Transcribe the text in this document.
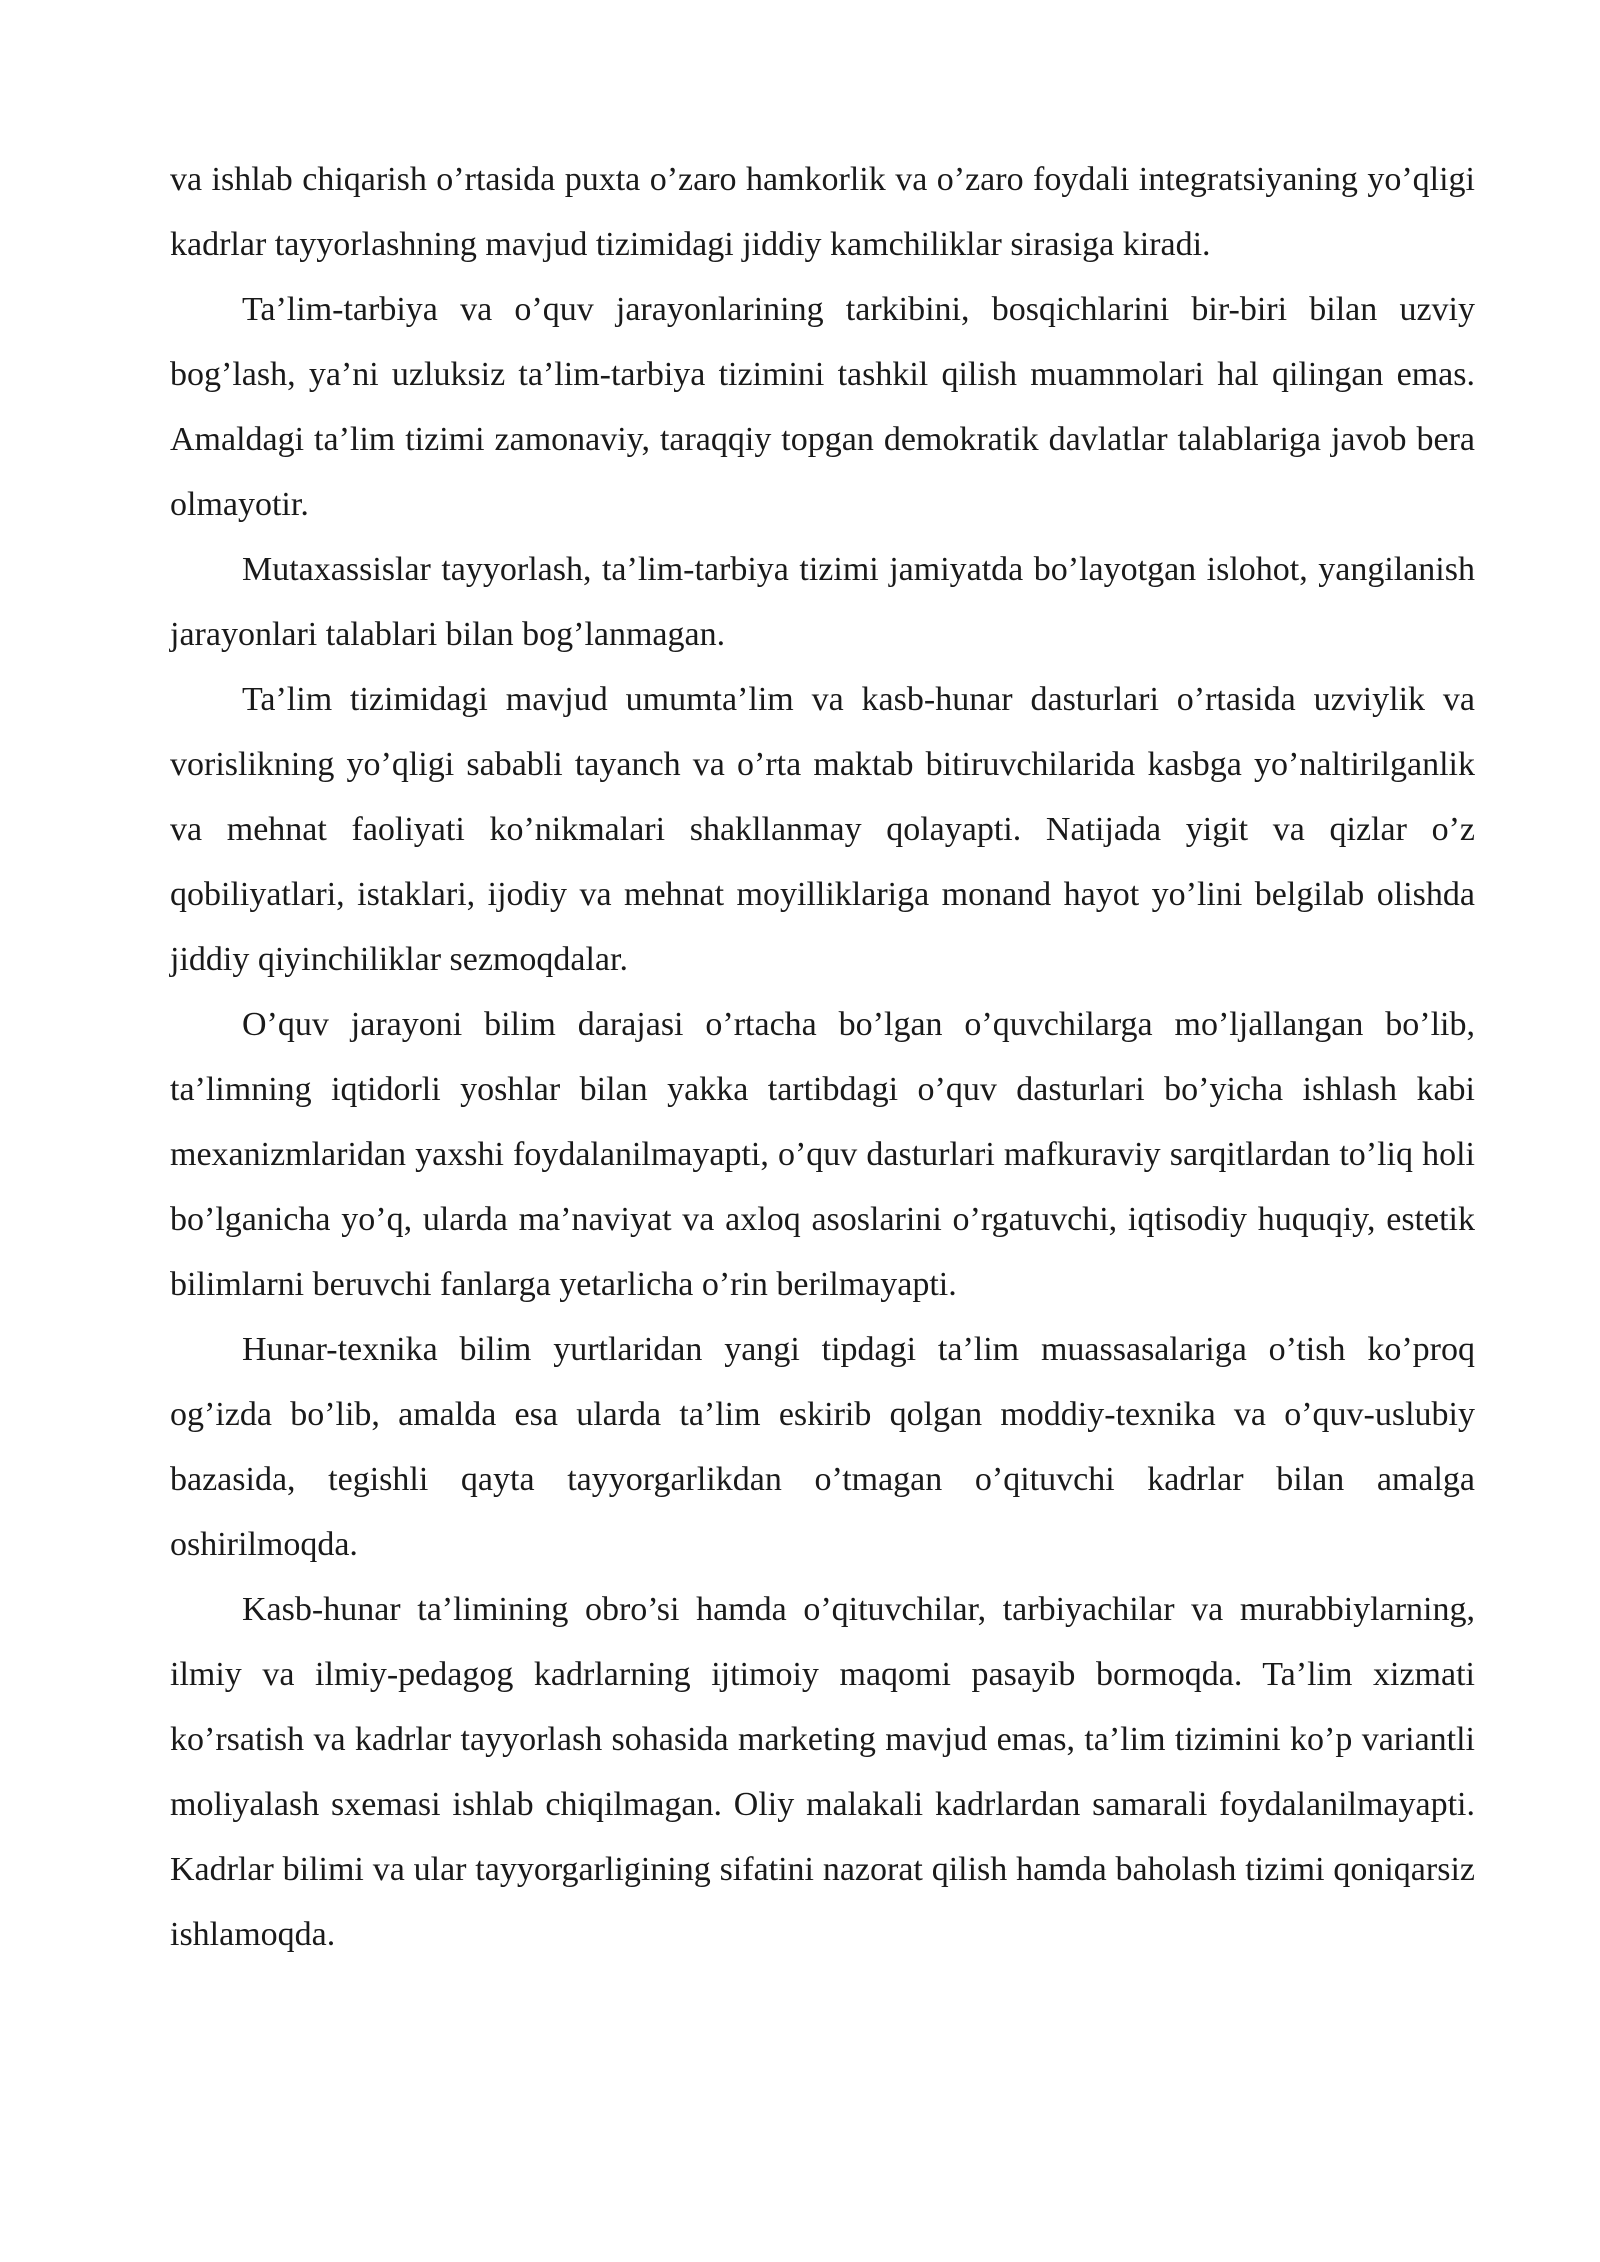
va ishlab chiqarish o’rtasida puxta o’zaro hamkorlik va o’zaro foydali integratsiyaning yo’qligi kadrlar tayyorlashning mavjud tizimidagi jiddiy kamchiliklar sirasiga kiradi.

Ta’lim-tarbiya va o’quv jarayonlarining tarkibini, bosqichlarini bir-biri bilan uzviy bog’lash, ya’ni uzluksiz ta’lim-tarbiya tizimini tashkil qilish muammolari hal qilingan emas. Amaldagi ta’lim tizimi zamonaviy, taraqqiy topgan demokratik davlatlar talablariga javob bera olmayotir.

Mutaxassislar tayyorlash, ta’lim-tarbiya tizimi jamiyatda bo’layotgan islohot, yangilanish jarayonlari talablari bilan bog’lanmagan.

Ta’lim tizimidagi mavjud umumta’lim va kasb-hunar dasturlari o’rtasida uzviylik va vorislikning yo’qligi sababli tayanch va o’rta maktab bitiruvchilarida kasbga yo’naltirilganlik va mehnat faoliyati ko’nikmalari shakllanmay qolayapti. Natijada yigit va qizlar o’z qobiliyatlari, istaklari, ijodiy va mehnat moyilliklariga monand hayot yo’lini belgilab olishda jiddiy qiyinchiliklar sezmoqdalar.

O’quv jarayoni bilim darajasi o’rtacha bo’lgan o’quvchilarga mo’ljallangan bo’lib, ta’limning iqtidorli yoshlar bilan yakka tartibdagi o’quv dasturlari bo’yicha ishlash kabi mexanizmlaridan yaxshi foydalanilmayapti, o’quv dasturlari mafkuraviy sarqitlardan to’liq holi bo’lganicha yo’q, ularda ma’naviyat va axloq asoslarini o’rgatuvchi, iqtisodiy huquqiy, estetik bilimlarni beruvchi fanlarga yetarlicha o’rin berilmayapti.

Hunar-texnika bilim yurtlaridan yangi tipdagi ta’lim muassasalariga o’tish ko’proq og’izda bo’lib, amalda esa ularda ta’lim eskirib qolgan moddiy-texnika va o’quv-uslubiy bazasida, tegishli qayta tayyorgarlikdan o’tmagan o’qituvchi kadrlar bilan amalga oshirilmoqda.

Kasb-hunar ta’limining obro’si hamda o’qituvchilar, tarbiyachilar va murabbiylarning, ilmiy va ilmiy-pedagog kadrlarning ijtimoiy maqomi pasayib bormoqda. Ta’lim xizmati ko’rsatish va kadrlar tayyorlash sohasida marketing mavjud emas, ta’lim tizimini ko’p variantli moliyalash sxemasi ishlab chiqilmagan. Oliy malakali kadrlardan samarali foydalanilmayapti. Kadrlar bilimi va ular tayyorgarligining sifatini nazorat qilish hamda baholash tizimi qoniqarsiz ishlamoqda.
